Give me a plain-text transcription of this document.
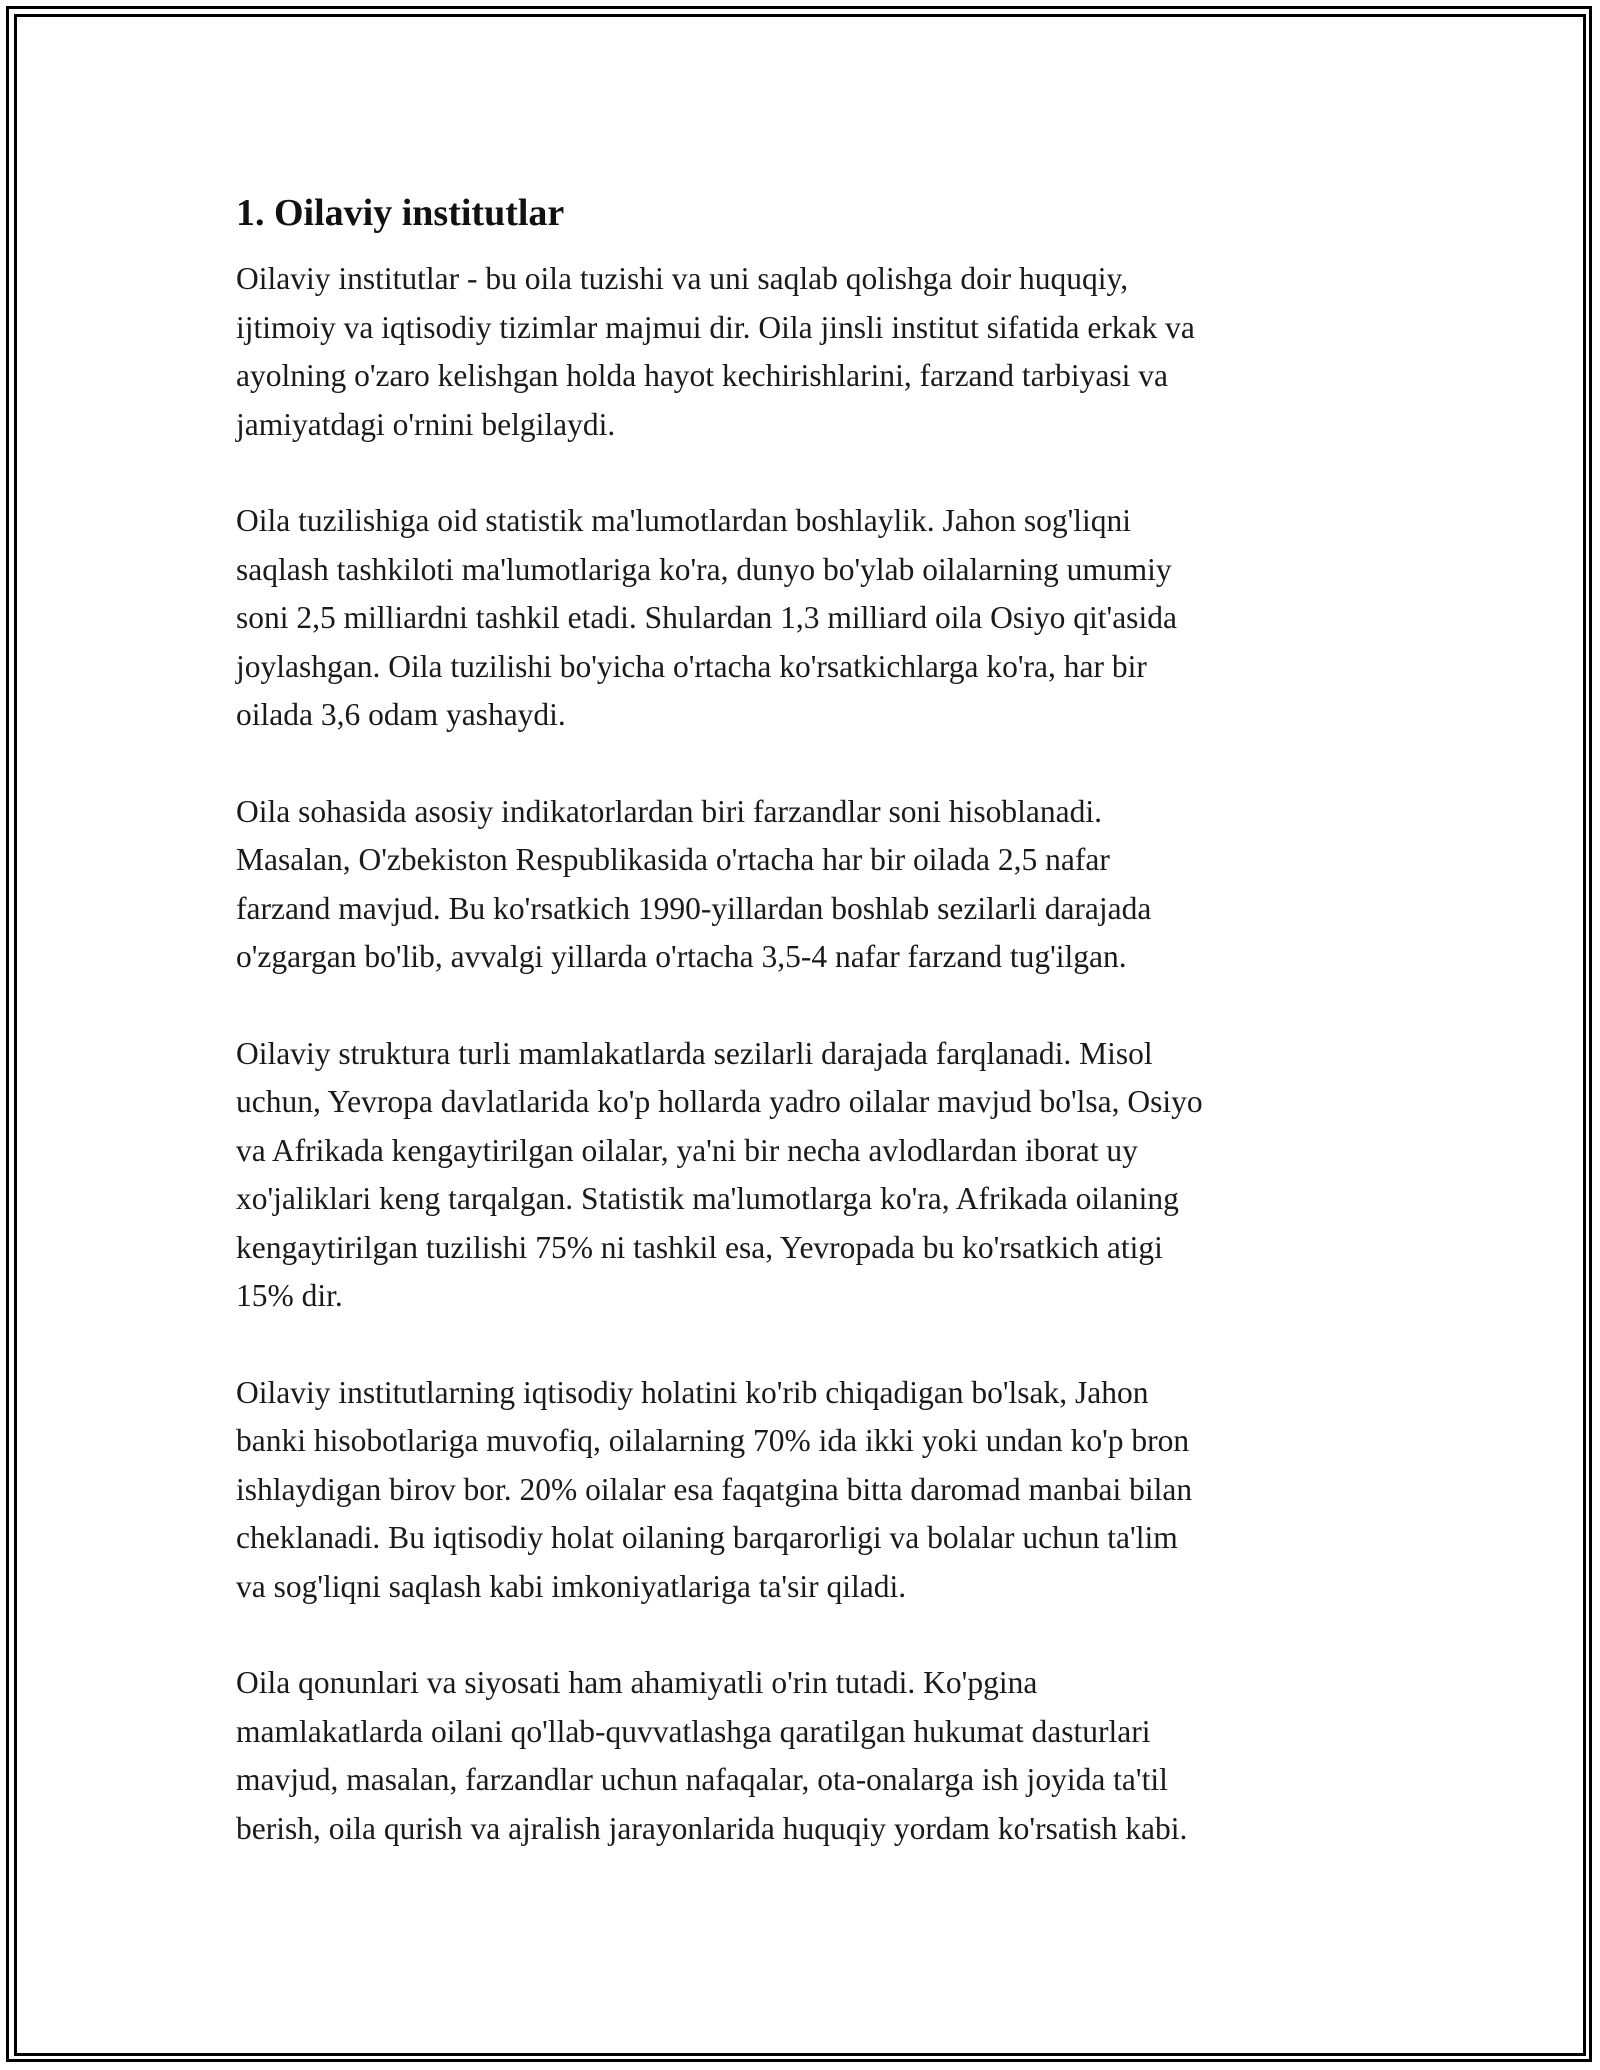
1. Oilaviy institutlar

Oilaviy institutlar - bu oila tuzishi va uni saqlab qolishga doir huquqiy,
ijtimoiy va iqtisodiy tizimlar majmui dir. Oila jinsli institut sifatida erkak va
ayolning o'zaro kelishgan holda hayot kechirishlarini, farzand tarbiyasi va
jamiyatdagi o'rnini belgilaydi.

Oila tuzilishiga oid statistik ma'lumotlardan boshlaylik. Jahon sog'liqni
saqlash tashkiloti ma'lumotlariga ko'ra, dunyo bo'ylab oilalarning umumiy
soni 2,5 milliardni tashkil etadi. Shulardan 1,3 milliard oila Osiyo qit'asida
joylashgan. Oila tuzilishi bo'yicha o'rtacha ko'rsatkichlarga ko'ra, har bir
oilada 3,6 odam yashaydi.

Oila sohasida asosiy indikatorlardan biri farzandlar soni hisoblanadi.
Masalan, O'zbekiston Respublikasida o'rtacha har bir oilada 2,5 nafar
farzand mavjud. Bu ko'rsatkich 1990-yillardan boshlab sezilarli darajada
o'zgargan bo'lib, avvalgi yillarda o'rtacha 3,5-4 nafar farzand tug'ilgan.

Oilaviy struktura turli mamlakatlarda sezilarli darajada farqlanadi. Misol
uchun, Yevropa davlatlarida ko'p hollarda yadro oilalar mavjud bo'lsa, Osiyo
va Afrikada kengaytirilgan oilalar, ya'ni bir necha avlodlardan iborat uy
xo'jaliklari keng tarqalgan. Statistik ma'lumotlarga ko'ra, Afrikada oilaning
kengaytirilgan tuzilishi 75% ni tashkil esa, Yevropada bu ko'rsatkich atigi
15% dir.

Oilaviy institutlarning iqtisodiy holatini ko'rib chiqadigan bo'lsak, Jahon
banki hisobotlariga muvofiq, oilalarning 70% ida ikki yoki undan ko'p bron
ishlaydigan birov bor. 20% oilalar esa faqatgina bitta daromad manbai bilan
cheklanadi. Bu iqtisodiy holat oilaning barqarorligi va bolalar uchun ta'lim
va sog'liqni saqlash kabi imkoniyatlariga ta'sir qiladi.

Oila qonunlari va siyosati ham ahamiyatli o'rin tutadi. Ko'pgina
mamlakatlarda oilani qo'llab-quvvatlashga qaratilgan hukumat dasturlari
mavjud, masalan, farzandlar uchun nafaqalar, ota-onalarga ish joyida ta'til
berish, oila qurish va ajralish jarayonlarida huquqiy yordam ko'rsatish kabi.
